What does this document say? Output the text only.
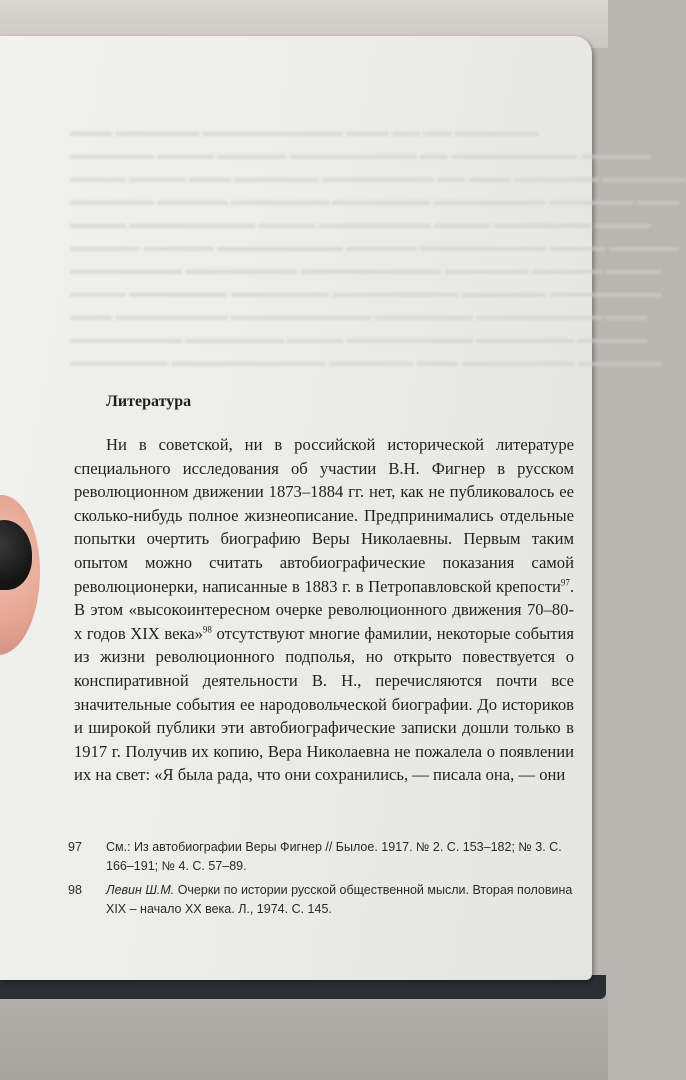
▬▬▬ ▬▬▬▬▬▬ ▬▬▬▬▬▬▬▬▬▬ ▬▬▬ ▬▬ ▬▬ ▬▬▬▬▬▬
▬▬▬▬▬▬ ▬▬▬▬ ▬▬▬▬▬ ▬▬▬▬▬▬▬▬▬ ▬▬ ▬▬▬▬▬▬▬▬▬ ▬▬▬▬▬
▬▬▬▬ ▬▬▬▬ ▬▬▬ ▬▬▬▬▬▬ ▬▬▬▬▬▬▬▬ ▬▬ ▬▬▬ ▬▬▬▬▬▬ ▬▬▬▬▬▬
▬▬▬▬▬▬ ▬▬▬▬▬ ▬▬▬▬▬▬▬ ▬▬▬▬▬▬▬ ▬▬▬▬▬▬▬▬ ▬▬▬▬▬▬ ▬▬▬
▬▬▬▬ ▬▬▬▬▬▬▬▬▬ ▬▬▬▬ ▬▬▬▬▬▬▬▬ ▬▬▬▬ ▬▬▬▬▬▬▬ ▬▬▬▬
▬▬▬▬▬ ▬▬▬▬▬ ▬▬▬▬▬▬▬▬▬ ▬▬▬▬▬ ▬▬▬▬▬▬▬▬▬ ▬▬▬▬ ▬▬▬▬▬
▬▬▬▬▬▬▬▬ ▬▬▬▬▬▬▬▬ ▬▬▬▬▬▬▬▬▬▬ ▬▬▬▬▬▬ ▬▬▬▬▬ ▬▬▬▬
▬▬▬▬ ▬▬▬▬▬▬▬ ▬▬▬▬▬▬▬ ▬▬▬▬▬▬▬▬▬ ▬▬▬▬▬▬ ▬▬▬▬▬▬▬▬
▬▬▬ ▬▬▬▬▬▬▬▬ ▬▬▬▬▬▬▬▬▬▬ ▬▬▬▬▬▬▬ ▬▬▬▬▬▬▬▬▬ ▬▬▬
▬▬▬▬▬▬▬▬ ▬▬▬▬▬▬▬ ▬▬▬▬ ▬▬▬▬▬▬▬▬▬ ▬▬▬▬▬▬▬ ▬▬▬▬▬
▬▬▬▬▬▬▬ ▬▬▬▬▬▬▬▬▬▬▬ ▬▬▬▬▬▬ ▬▬▬ ▬▬▬▬▬▬▬▬ ▬▬▬▬▬▬
Литература

Ни в советской, ни в российской исторической литературе специального исследования об участии В.Н. Фигнер в русском революционном движении 1873–1884 гг. нет, как не публиковалось ее сколько-нибудь полное жизнеописание. Предпринимались отдельные попытки очертить биографию Веры Николаевны. Первым таким опытом можно считать автобиографические показания самой революционерки, написанные в 1883 г. в Петропавловской крепости$^{97}$. В этом «высокоинтересном очерке революционного движения 70–80-х годов XIX века»$^{98}$ отсутствуют многие фамилии, некоторые события из жизни революционного подполья, но открыто повествуется о конспиративной деятельности В. Н., перечисляются почти все значительные события ее народовольческой биографии. До историков и широкой публики эти автобиографические записки дошли только в 1917 г. Получив их копию, Вера Николаевна не пожалела о появлении их на свет: «Я была рада, что они сохранились, — писала она, — они

97	См.: Из автобиографии Веры Фигнер // Былое. 1917. № 2. С. 153–182; № 3. С. 166–191; № 4. С. 57–89.
98	Левин Ш.М. Очерки по истории русской общественной мысли. Вторая половина XIX – начало XX века. Л., 1974. С. 145.
